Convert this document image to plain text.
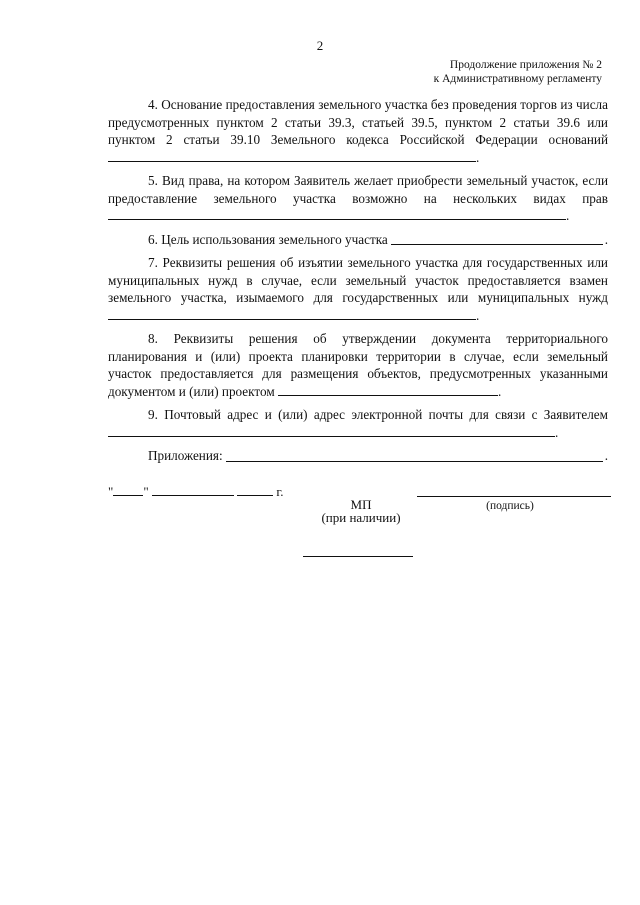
2
Продолжение приложения № 2
к Административному регламенту

4. Основание предоставления земельного участка без проведения торгов из числа предусмотренных пунктом 2 статьи 39.3, статьей 39.5, пунктом 2 статьи 39.6 или пунктом 2 статьи 39.10 Земельного кодекса Российской Федерации оснований .

5. Вид права, на котором Заявитель желает приобрести земельный участок, если предоставление земельного участка возможно на нескольких видах прав .

6. Цель использования земельного участка	.

7. Реквизиты решения об изъятии земельного участка для государственных или муниципальных нужд в случае, если земельный участок предоставляется взамен земельного участка, изымаемого для государственных или муниципальных нужд .

8. Реквизиты решения об утверждении документа территориального планирования и (или) проекта планировки территории в случае, если земельный участок предоставляется для размещения объектов, предусмотренных указанными документом и (или) проектом	.

9. Почтовый адрес и (или) адрес электронной почты для связи с Заявителем .

Приложения:	.
" "	г.
МП
(при наличии)
(подпись)
